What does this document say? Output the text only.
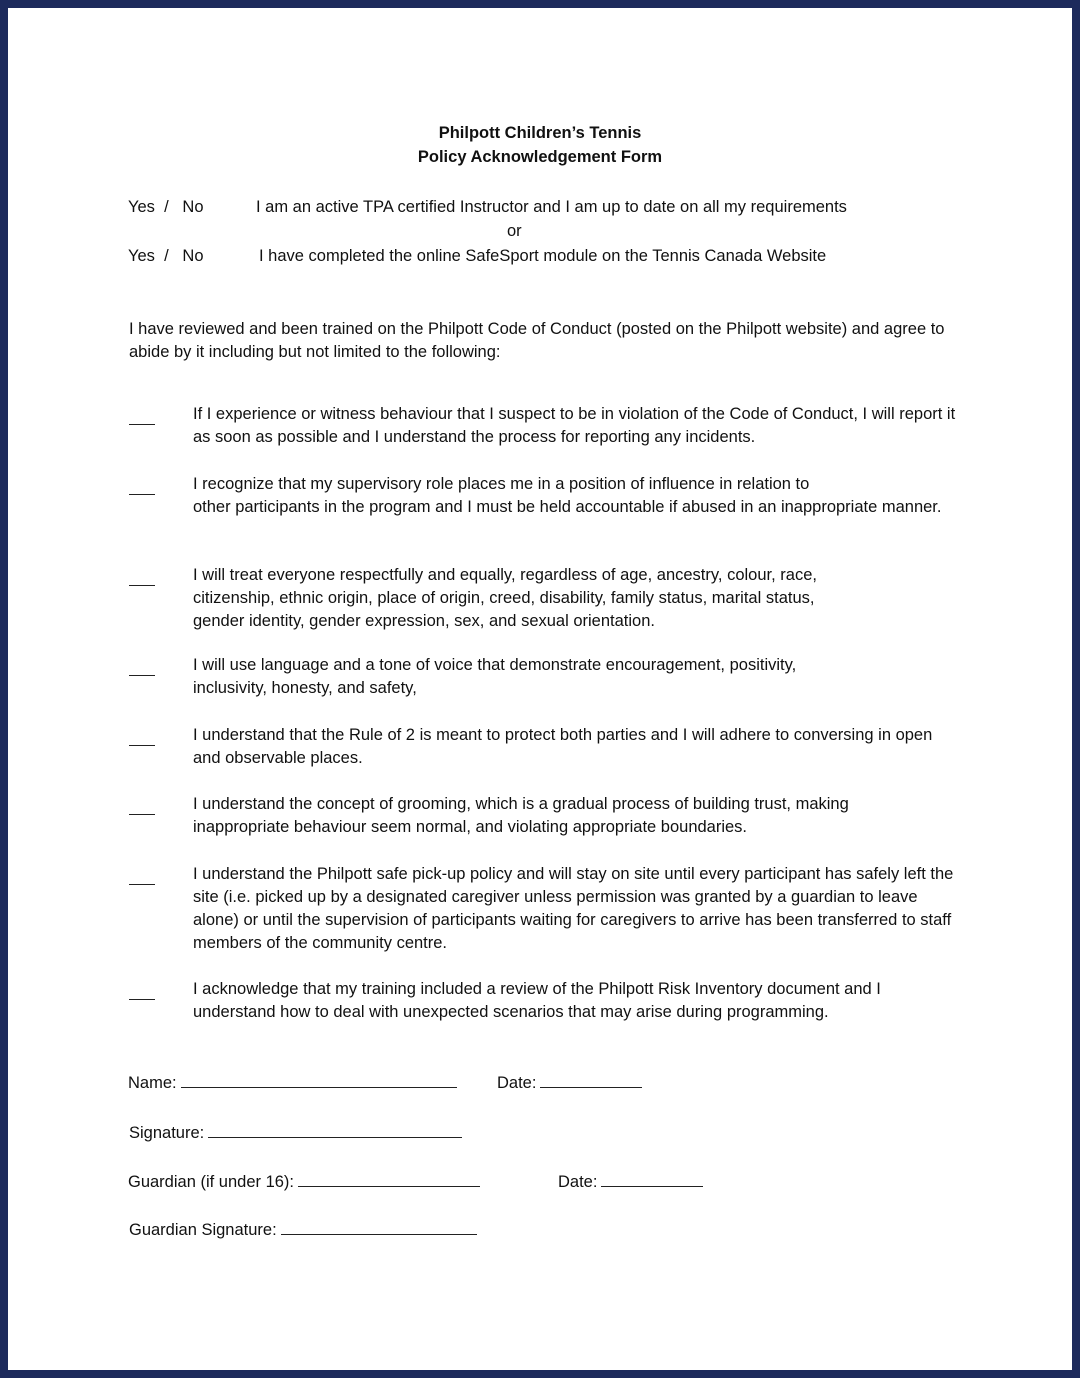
Philpott Children’s Tennis
Policy Acknowledgement Form
Yes  /   No	I am an active TPA certified Instructor and I am up to date on all my requirements
or
Yes  /   No	I have completed the online SafeSport module on the Tennis Canada Website
I have reviewed and been trained on the Philpott Code of Conduct (posted on the Philpott website) and agree to abide by it including but not limited to the following:
If I experience or witness behaviour that I suspect to be in violation of the Code of Conduct, I will report it as soon as possible and I understand the process for reporting any incidents.
I recognize that my supervisory role places me in a position of influence in relation to
other participants in the program and I must be held accountable if abused in an inappropriate manner.
I will treat everyone respectfully and equally, regardless of age, ancestry, colour, race,
citizenship, ethnic origin, place of origin, creed, disability, family status, marital status,
gender identity, gender expression, sex, and sexual orientation.
I will use language and a tone of voice that demonstrate encouragement, positivity,
inclusivity, honesty, and safety,
I understand that the Rule of 2 is meant to protect both parties and I will adhere to conversing in open and observable places.
I understand the concept of grooming, which is a gradual process of building trust, making
inappropriate behaviour seem normal, and violating appropriate boundaries.
I understand the Philpott safe pick-up policy and will stay on site until every participant has safely left the site (i.e. picked up by a designated caregiver unless permission was granted by a guardian to leave alone) or until the supervision of participants waiting for caregivers to arrive has been transferred to staff members of the community centre.
I acknowledge that my training included a review of the Philpott Risk Inventory document and I
understand how to deal with unexpected scenarios that may arise during programming.
Name:	Date:
Signature:
Guardian (if under 16):	Date:
Guardian Signature:
